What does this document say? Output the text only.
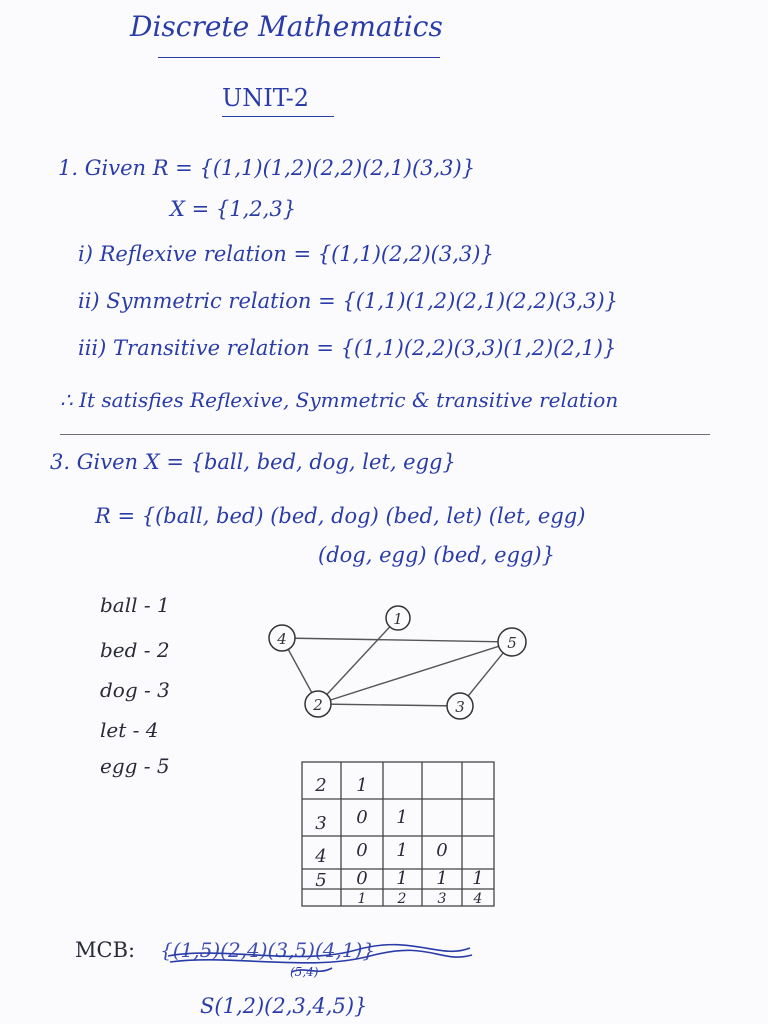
Discrete Mathematics
UNIT-2
1. Given R = {(1,1)(1,2)(2,2)(2,1)(3,3)}
X = {1,2,3}
i) Reflexive relation = {(1,1)(2,2)(3,3)}
ii) Symmetric relation = {(1,1)(1,2)(2,1)(2,2)(3,3)}
iii) Transitive relation = {(1,1)(2,2)(3,3)(1,2)(2,1)}
∴ It satisfies Reflexive, Symmetric & transitive relation
3. Given X = {ball, bed, dog, let, egg}
R = {(ball, bed) (bed, dog) (bed, let) (let, egg)
(dog, egg) (bed, egg)}
ball - 1
bed - 2
dog - 3
let - 4
egg - 5
1
2	3
4	5
2 1
3 0 1
4 0 1 0
5 0 1 1 1
1 2 3 4
MCB: {(1,5)(2,4)(3,5)(4,1)}
(5,4)
S(1,2)(2,3,4,5)}
